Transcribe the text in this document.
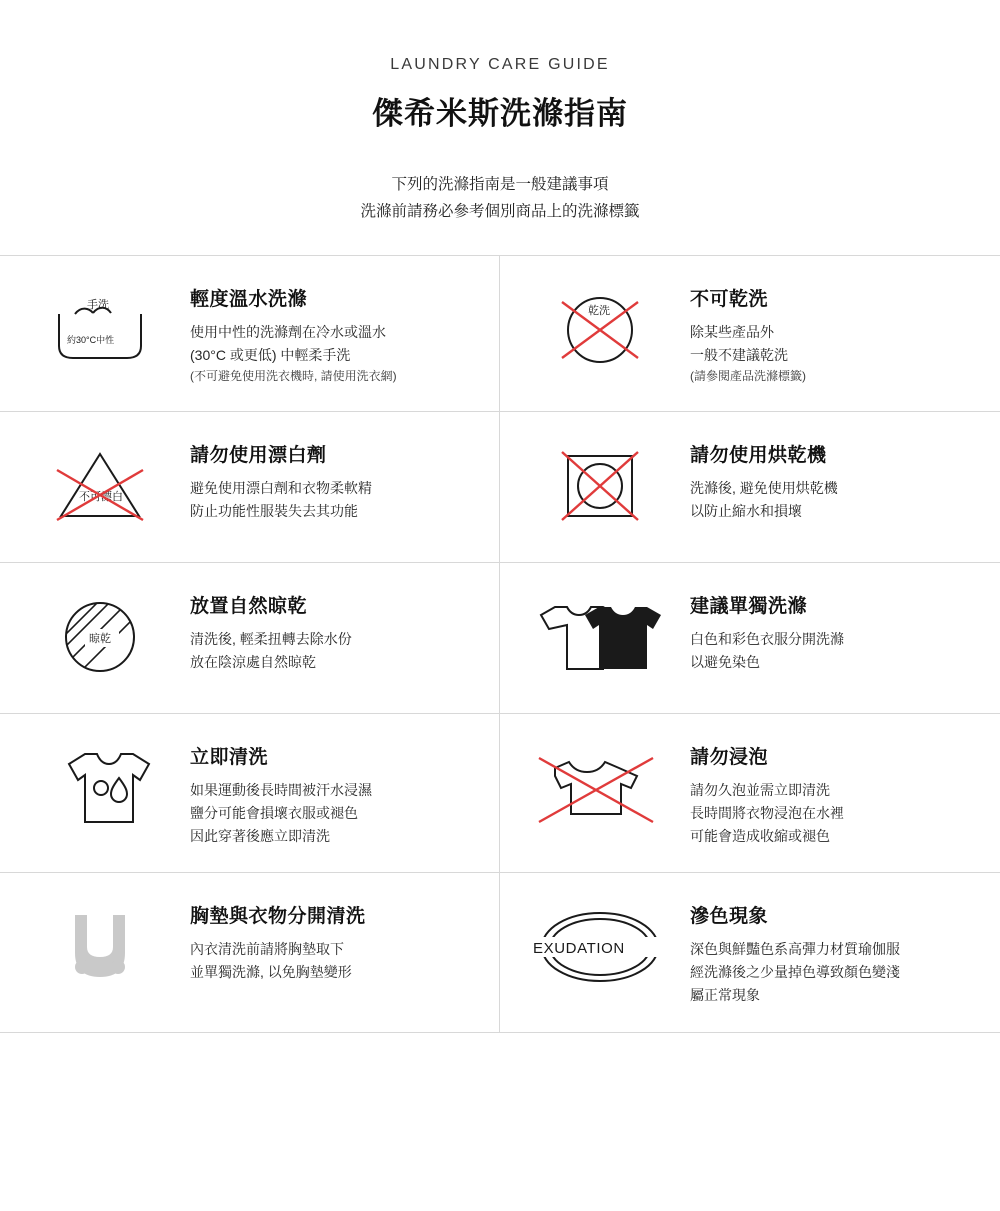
LAUNDRY CARE GUIDE
傑希米斯洗滌指南
下列的洗滌指南是一般建議事項
洗滌前請務必參考個別商品上的洗滌標籤
手洗
約30°C中性
輕度溫水洗滌
使用中性的洗滌劑在冷水或溫水
(30°C 或更低) 中輕柔手洗
(不可避免使用洗衣機時, 請使用洗衣網)
乾洗
不可乾洗
除某些產品外
一般不建議乾洗
(請參閱產品洗滌標籤)
不可漂白
請勿使用漂白劑
避免使用漂白劑和衣物柔軟精
防止功能性服裝失去其功能
請勿使用烘乾機
洗滌後, 避免使用烘乾機
以防止縮水和損壞
晾乾
放置自然晾乾
清洗後, 輕柔扭轉去除水份
放在陰涼處自然晾乾
建議單獨洗滌
白色和彩色衣服分開洗滌
以避免染色
立即清洗
如果運動後長時間被汗水浸濕
鹽分可能會損壞衣服或褪色
因此穿著後應立即清洗
請勿浸泡
請勿久泡並需立即清洗
長時間將衣物浸泡在水裡
可能會造成收縮或褪色
胸墊與衣物分開清洗
內衣清洗前請將胸墊取下
並單獨洗滌, 以免胸墊變形
EXUDATION
滲色現象
深色與鮮豔色系高彈力材質瑜伽服
經洗滌後之少量掉色導致顏色變淺
屬正常現象
